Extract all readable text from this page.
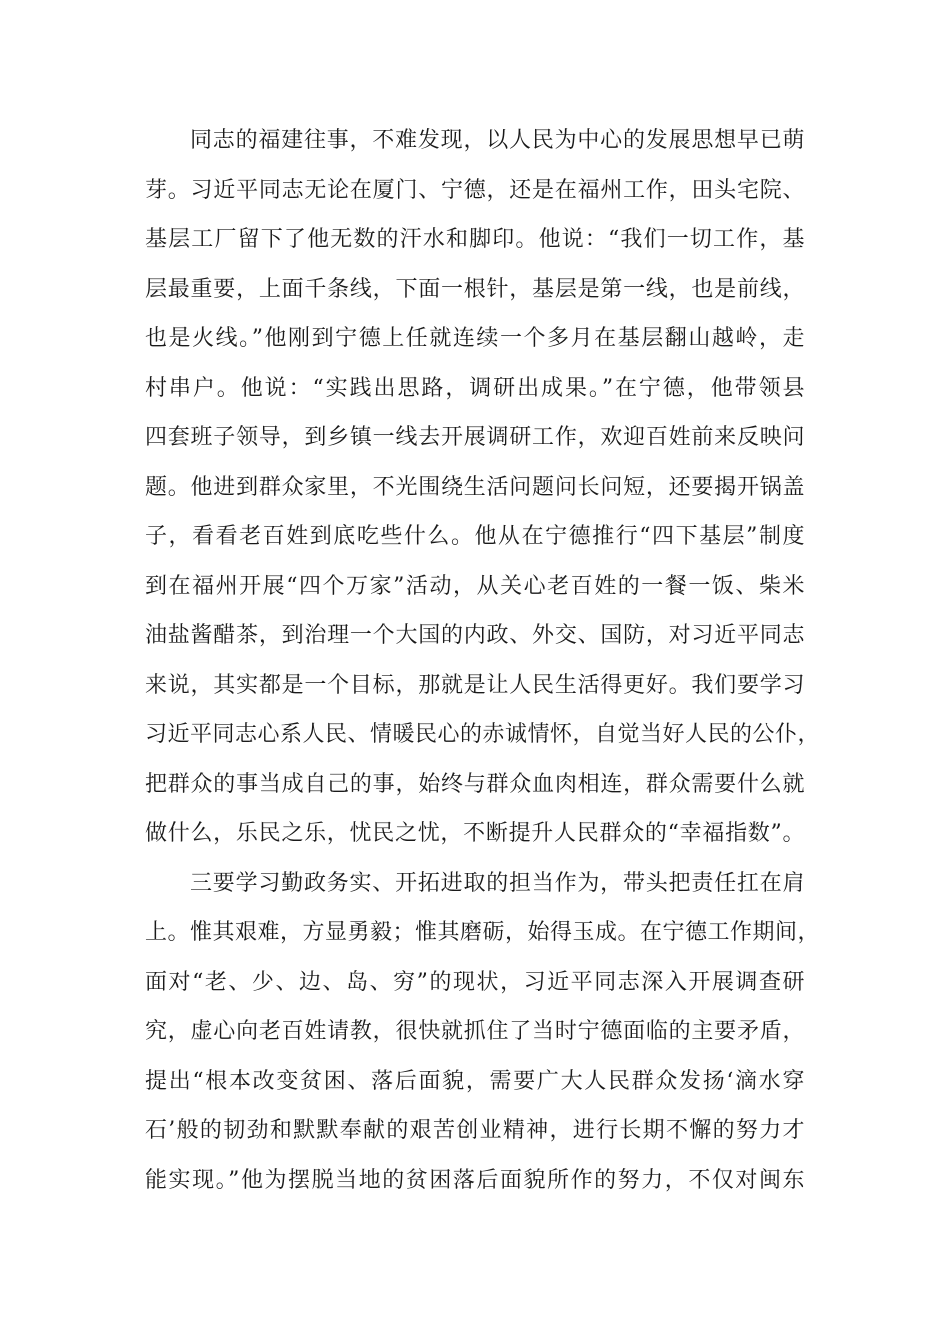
同志的福建往事，不难发现，以人民为中心的发展思想早已萌
芽。习近平同志无论在厦门、宁德，还是在福州工作，田头宅院、
基层工厂留下了他无数的汗水和脚印。他说：“我们一切工作，基
层最重要，上面千条线，下面一根针，基层是第一线，也是前线，
也是火线。”他刚到宁德上任就连续一个多月在基层翻山越岭，走
村串户。他说：“实践出思路，调研出成果。”在宁德，他带领县
四套班子领导，到乡镇一线去开展调研工作，欢迎百姓前来反映问
题。他进到群众家里，不光围绕生活问题问长问短，还要揭开锅盖
子，看看老百姓到底吃些什么。他从在宁德推行“四下基层”制度
到在福州开展“四个万家”活动，从关心老百姓的一餐一饭、柴米
油盐酱醋茶，到治理一个大国的内政、外交、国防，对习近平同志
来说，其实都是一个目标，那就是让人民生活得更好。我们要学习
习近平同志心系人民、情暖民心的赤诚情怀，自觉当好人民的公仆，
把群众的事当成自己的事，始终与群众血肉相连，群众需要什么就
做什么，乐民之乐，忧民之忧，不断提升人民群众的“幸福指数”。
三要学习勤政务实、开拓进取的担当作为，带头把责任扛在肩
上。惟其艰难，方显勇毅；惟其磨砺，始得玉成。在宁德工作期间，
面对“老、少、边、岛、穷”的现状，习近平同志深入开展调查研
究，虚心向老百姓请教，很快就抓住了当时宁德面临的主要矛盾，
提出“根本改变贫困、落后面貌，需要广大人民群众发扬‘滴水穿
石’般的韧劲和默默奉献的艰苦创业精神，进行长期不懈的努力才
能实现。”他为摆脱当地的贫困落后面貌所作的努力，不仅对闽东
